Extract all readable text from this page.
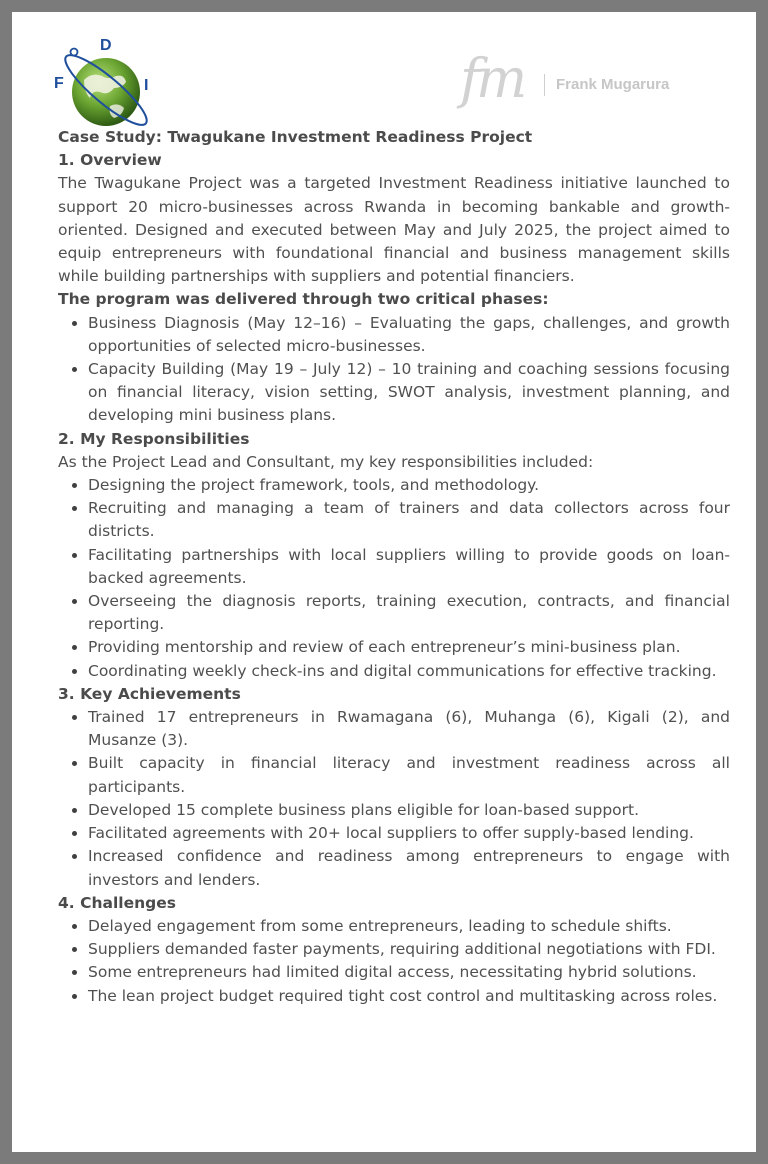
F
D
I	fm Frank Mugarura

Case Study: Twagukane Investment Readiness Project

1. Overview

The Twagukane Project was a targeted Investment Readiness initiative launched to support 20 micro-businesses across Rwanda in becoming bankable and growth-oriented. Designed and executed between May and July 2025, the project aimed to equip entrepreneurs with foundational financial and business management skills while building partnerships with suppliers and potential financiers.

The program was delivered through two critical phases:

• Business Diagnosis (May 12–16) – Evaluating the gaps, challenges, and growth opportunities of selected micro-businesses.
• Capacity Building (May 19 – July 12) – 10 training and coaching sessions focusing on financial literacy, vision setting, SWOT analysis, investment planning, and developing mini business plans.

2. My Responsibilities

As the Project Lead and Consultant, my key responsibilities included:

• Designing the project framework, tools, and methodology.
• Recruiting and managing a team of trainers and data collectors across four districts.
• Facilitating partnerships with local suppliers willing to provide goods on loan-backed agreements.
• Overseeing the diagnosis reports, training execution, contracts, and financial reporting.
• Providing mentorship and review of each entrepreneur’s mini-business plan.
• Coordinating weekly check-ins and digital communications for effective tracking.

3. Key Achievements

• Trained 17 entrepreneurs in Rwamagana (6), Muhanga (6), Kigali (2), and Musanze (3).
• Built capacity in financial literacy and investment readiness across all participants.
• Developed 15 complete business plans eligible for loan-based support.
• Facilitated agreements with 20+ local suppliers to offer supply-based lending.
• Increased confidence and readiness among entrepreneurs to engage with investors and lenders.

4. Challenges

• Delayed engagement from some entrepreneurs, leading to schedule shifts.
• Suppliers demanded faster payments, requiring additional negotiations with FDI.
• Some entrepreneurs had limited digital access, necessitating hybrid solutions.
• The lean project budget required tight cost control and multitasking across roles.
